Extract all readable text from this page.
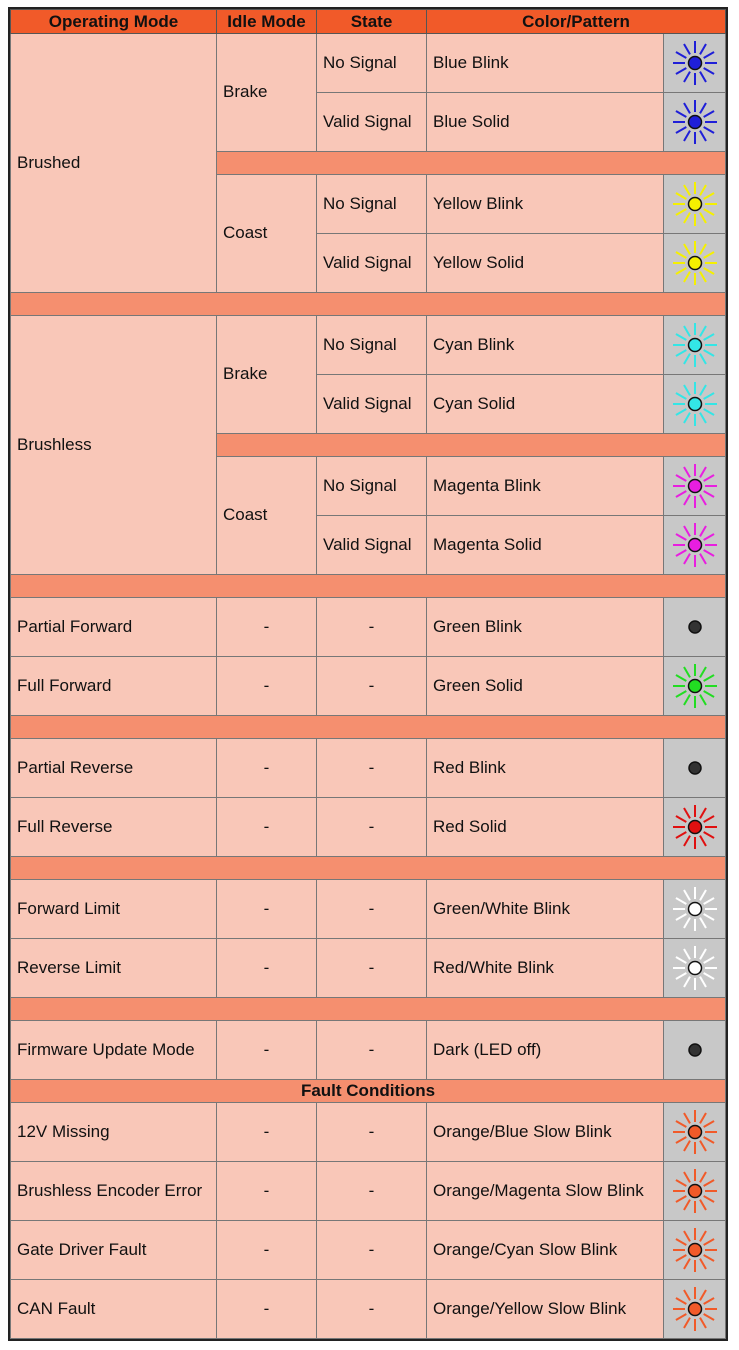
Operating Mode	Idle Mode	State	Color/Pattern	
Brushed	Brake	No Signal	Blue Blink	

		Valid Signal	Blue Solid	

	Coast	No Signal	Yellow Blink	

		Valid Signal	Yellow Solid	

Brushless	Brake	No Signal	Cyan Blink	

		Valid Signal	Cyan Solid	

	Coast	No Signal	Magenta Blink	

		Valid Signal	Magenta Solid	

Partial Forward	-	-	Green Blink	

Full Forward	-	-	Green Solid	

Partial Reverse	-	-	Red Blink	

Full Reverse	-	-	Red Solid	

Forward Limit	-	-	Green/White Blink	

Reverse Limit	-	-	Red/White Blink	

Firmware Update Mode	-	-	Dark (LED off)	

Fault Conditions				
12V Missing	-	-	Orange/Blue Slow Blink	

Brushless Encoder Error	-	-	Orange/Magenta Slow Blink	

Gate Driver Fault	-	-	Orange/Cyan Slow Blink	

CAN Fault	-	-	Orange/Yellow Slow Blink	
